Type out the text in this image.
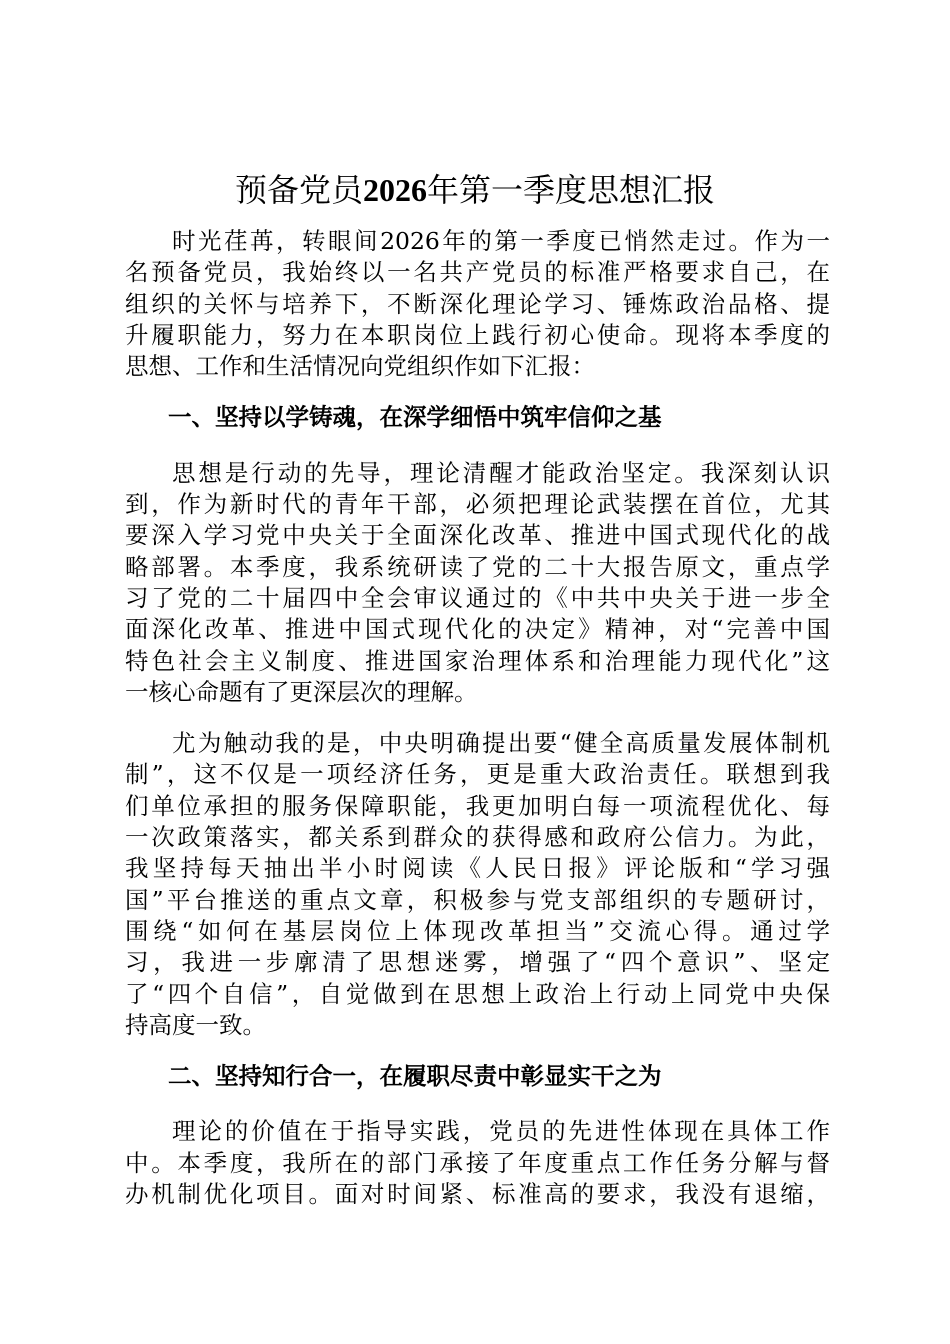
预备党员2026年第一季度思想汇报
时光荏苒，转眼间2026年的第一季度已悄然走过。作为一
名预备党员，我始终以一名共产党员的标准严格要求自己，在
组织的关怀与培养下，不断深化理论学习、锤炼政治品格、提
升履职能力，努力在本职岗位上践行初心使命。现将本季度的
思想、工作和生活情况向党组织作如下汇报：
一、坚持以学铸魂，在深学细悟中筑牢信仰之基
思想是行动的先导，理论清醒才能政治坚定。我深刻认识
到，作为新时代的青年干部，必须把理论武装摆在首位，尤其
要深入学习党中央关于全面深化改革、推进中国式现代化的战
略部署。本季度，我系统研读了党的二十大报告原文，重点学
习了党的二十届四中全会审议通过的《中共中央关于进一步全
面深化改革、推进中国式现代化的决定》精神，对“完善中国
特色社会主义制度、推进国家治理体系和治理能力现代化”这
一核心命题有了更深层次的理解。
尤为触动我的是，中央明确提出要“健全高质量发展体制机
制”，这不仅是一项经济任务，更是重大政治责任。联想到我
们单位承担的服务保障职能，我更加明白每一项流程优化、每
一次政策落实，都关系到群众的获得感和政府公信力。为此，
我坚持每天抽出半小时阅读《人民日报》评论版和“学习强
国”平台推送的重点文章，积极参与党支部组织的专题研讨，
围绕“如何在基层岗位上体现改革担当”交流心得。通过学
习，我进一步廓清了思想迷雾，增强了“四个意识”、坚定
了“四个自信”，自觉做到在思想上政治上行动上同党中央保
持高度一致。
二、坚持知行合一，在履职尽责中彰显实干之为
理论的价值在于指导实践，党员的先进性体现在具体工作
中。本季度，我所在的部门承接了年度重点工作任务分解与督
办机制优化项目。面对时间紧、标准高的要求，我没有退缩，
